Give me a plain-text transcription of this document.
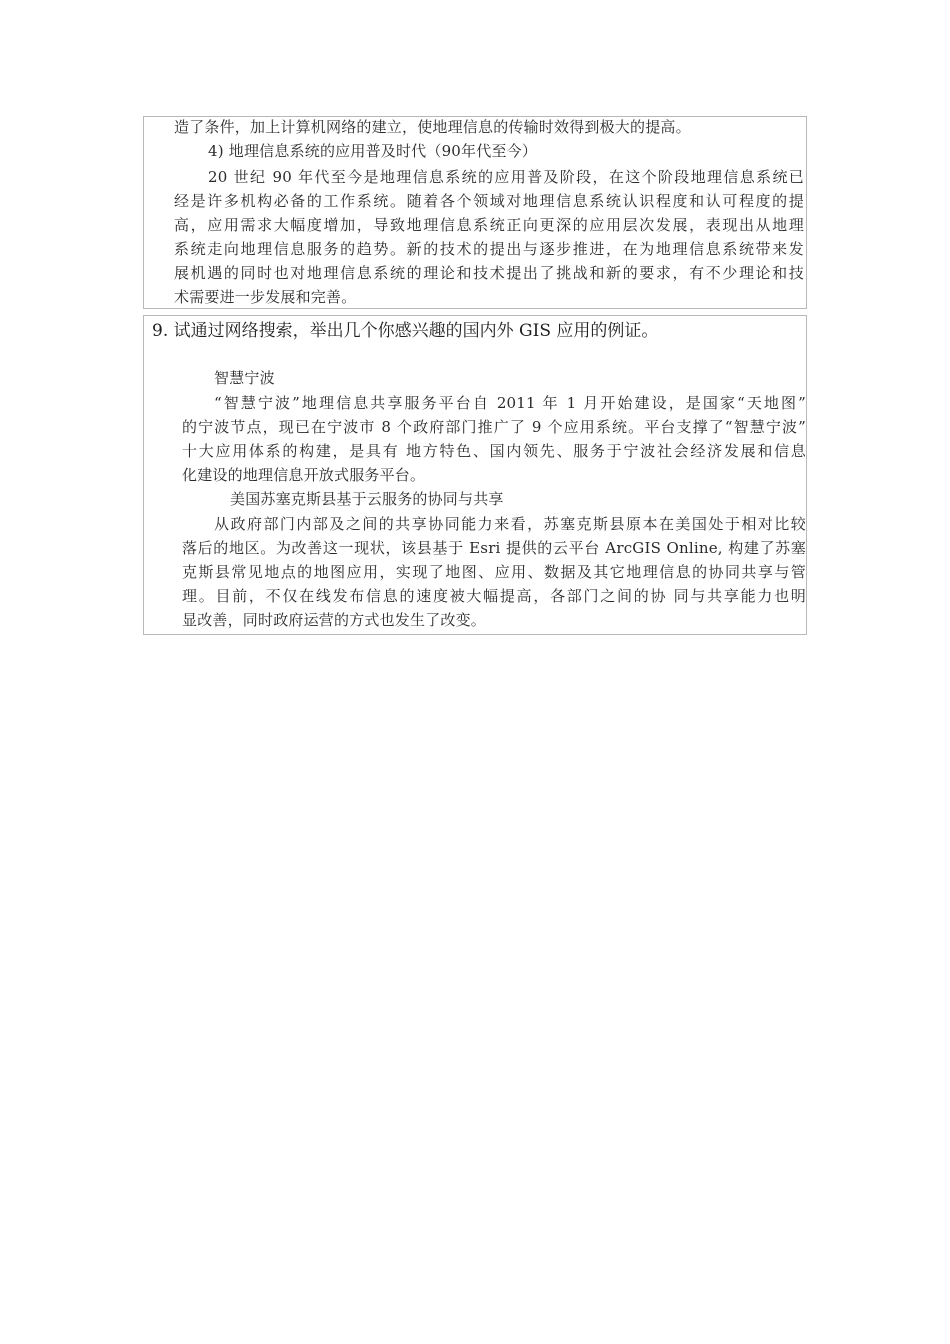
造了条件，加上计算机网络的建立，使地理信息的传输时效得到极大的提高。
4) 地理信息系统的应用普及时代（90年代至今）
20 世纪 90 年代至今是地理信息系统的应用普及阶段，在这个阶段地理信息系统已
经是许多机构必备的工作系统。随着各个领域对地理信息系统认识程度和认可程度的提
高，应用需求大幅度增加，导致地理信息系统正向更深的应用层次发展，表现出从地理
系统走向地理信息服务的趋势。新的技术的提出与逐步推进，在为地理信息系统带来发
展机遇的同时也对地理信息系统的理论和技术提出了挑战和新的要求，有不少理论和技
术需要进一步发展和完善。
9. 试通过网络搜索，举出几个你感兴趣的国内外 GIS 应用的例证。
智慧宁波
“智慧宁波”地理信息共享服务平台自 2011 年 1 月开始建设，是国家“天地图”
的宁波节点，现已在宁波市 8 个政府部门推广了 9 个应用系统。平台支撑了“智慧宁波”
十大应用体系的构建，是具有 地方特色、国内领先、服务于宁波社会经济发展和信息
化建设的地理信息开放式服务平台。
美国苏塞克斯县基于云服务的协同与共享
从政府部门内部及之间的共享协同能力来看，苏塞克斯县原本在美国处于相对比较
落后的地区。为改善这一现状，该县基于 Esri 提供的云平台 ArcGIS Online, 构建了苏塞
克斯县常见地点的地图应用，实现了地图、应用、数据及其它地理信息的协同共享与管
理。目前，不仅在线发布信息的速度被大幅提高，各部门之间的协 同与共享能力也明
显改善，同时政府运营的方式也发生了改变。
